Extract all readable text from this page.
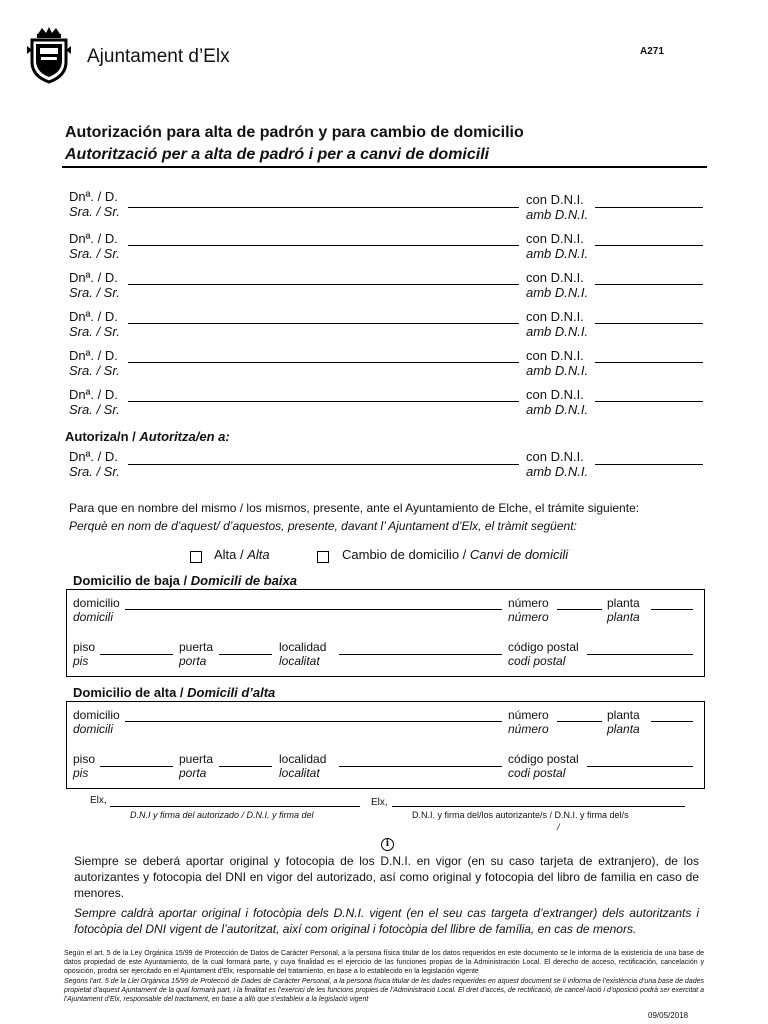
Ajuntament d’Elx	A271
Autorización para alta de padrón y para cambio de domicilio
Autorització per a alta de padró i per a canvi de domicili
Dnª. / D.
Sra. / Sr.
con D.N.I.
amb D.N.I.
Dnª. / D.
Sra. / Sr.
con D.N.I.
amb D.N.I.
Dnª. / D.
Sra. / Sr.
con D.N.I.
amb D.N.I.
Dnª. / D.
Sra. / Sr.
con D.N.I.
amb D.N.I.
Dnª. / D.
Sra. / Sr.
con D.N.I.
amb D.N.I.
Dnª. / D.
Sra. / Sr.
con D.N.I.
amb D.N.I.
Autoriza/n / Autoritza/en a:
Dnª. / D.
Sra. / Sr.
con D.N.I.
amb D.N.I.
Para que en nombre del mismo / los mismos, presente, ante el Ayuntamiento de Elche, el trámite siguiente:
Perquè en nom de d’aquest/ d’aquestos, presente, davant l’ Ajuntament d’Elx, el tràmit següent:
Alta / Alta	Cambio de domicilio / Canvi de domicili
Domicilio de baja / Domicili de baixa
domicilio
domicili
número
número
planta
planta
piso
pis
puerta
porta
localidad
localitat
código postal
codi postal
Domicilio de alta / Domicili d’alta
domicilio
domicili
número
número
planta
planta
piso
pis
puerta
porta
localidad
localitat
código postal
codi postal
Elx,
D.N.I y firma del autorizado / D.N.I. y firma del
Elx,
D.N.I. y firma del/los autorizante/s / D.N.I. y firma del/s
/
i
Siempre se deberá aportar original y fotocopia de los D.N.I. en vigor (en su caso tarjeta de extranjero), de los autorizantes y fotocopia del DNI en vigor del autorizado, así como original y fotocopia del libro de familia en caso de menores.
Sempre caldrà aportar original i fotocòpia dels D.N.I. vigent (en el seu cas targeta d’extranger) dels autoritzants i fotocòpia del DNI vigent de l’autoritzat, així com original i fotocòpia del llibre de família, en cas de menors.

Según el art. 5 de la Ley Orgánica 15/99 de Protección de Datos de Carácter Personal, a la persona física titular de los datos requeridos en este documento se le informa de la existencia de una base de datos propiedad de este Ayuntamiento, de la cual formará parte, y cuya finalidad es el ejercicio de las funciones propias de la Administración Local. El derecho de acceso, rectificación, cancelación y oposición, prodrá ser ejercitado en el Ajuntament d’Elx, responsable del tratamiento, en base a lo establecido en la legislación vigente

Segons l’art. 5 de la Llei Orgànica 15/99 de Protecció de Dades de Caràcter Personal, a la persona física titular de les dades requerides en aquest document se li informa de l’existència d’una base de dades propietat d’aquest Ajuntament de la qual formarà part, i la finalitat es l’exercici de les funcions propies de l’Administració Local. El dret d’accés, de rectificació, de cancel·lació i d’oposició podrà ser exercitat a l’Ajuntament d’Elx, responsable del tractament, en base a allò que s’estableix a la legislació vigent

09/05/2018
